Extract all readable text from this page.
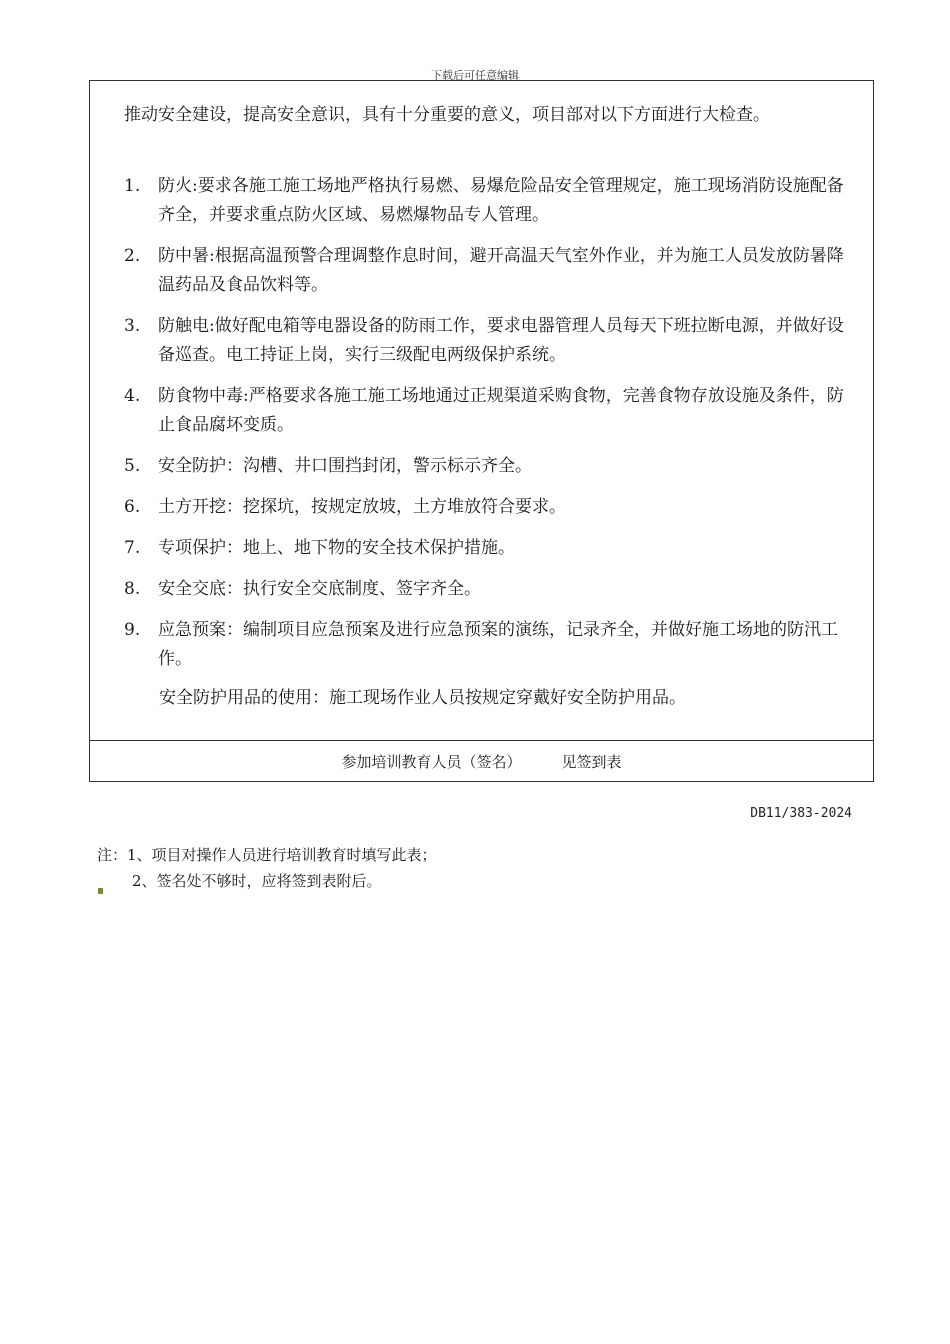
下载后可任意编辑

推动安全建设，提高安全意识，具有十分重要的意义，项目部对以下方面进行大检查。

1.	防火:要求各施工施工场地严格执行易燃、易爆危险品安全管理规定，施工现场消防设施配备齐全，并要求重点防火区域、易燃爆物品专人管理。
2.	防中暑:根据高温预警合理调整作息时间，避开高温天气室外作业，并为施工人员发放防暑降温药品及食品饮料等。
3.	防触电:做好配电箱等电器设备的防雨工作，要求电器管理人员每天下班拉断电源，并做好设备巡查。电工持证上岗，实行三级配电两级保护系统。
4.	防食物中毒:严格要求各施工施工场地通过正规渠道采购食物，完善食物存放设施及条件，防止食品腐坏变质。
5.	安全防护：沟槽、井口围挡封闭，警示标示齐全。
6.	土方开挖：挖探坑，按规定放坡，土方堆放符合要求。
7.	专项保护：地上、地下物的安全技术保护措施。
8.	安全交底：执行安全交底制度、签字齐全。
9.	应急预案：编制项目应急预案及进行应急预案的演练，记录齐全，并做好施工场地的防汛工作。

安全防护用品的使用：施工现场作业人员按规定穿戴好安全防护用品。

参加培训教育人员（签名）	见签到表
DB11/383-2024
注：1、项目对操作人员进行培训教育时填写此表；
2、签名处不够时，应将签到表附后。
